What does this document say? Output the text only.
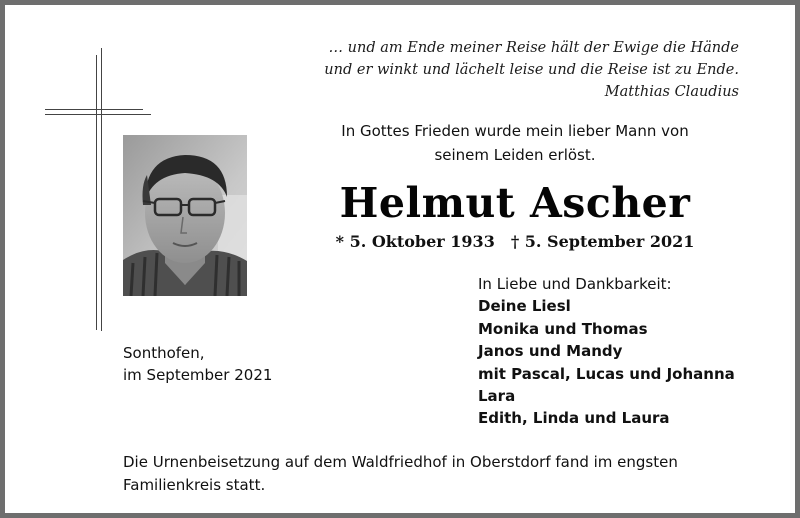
… und am Ende meiner Reise hält der Ewige die Hände
und er winkt und lächelt leise und die Reise ist zu Ende.
Matthias Claudius
In Gottes Frieden wurde mein lieber Mann von
seinem Leiden erlöst.
Helmut Ascher
* 5. Oktober 1933 † 5. September 2021
In Liebe und Dankbarkeit:
Deine Liesl
Monika und Thomas
Janos und Mandy
mit Pascal, Lucas und Johanna
Lara
Edith, Linda und Laura
Sonthofen,
im September 2021
Die Urnenbeisetzung auf dem Waldfriedhof in Oberstdorf fand im engsten Familienkreis statt.
